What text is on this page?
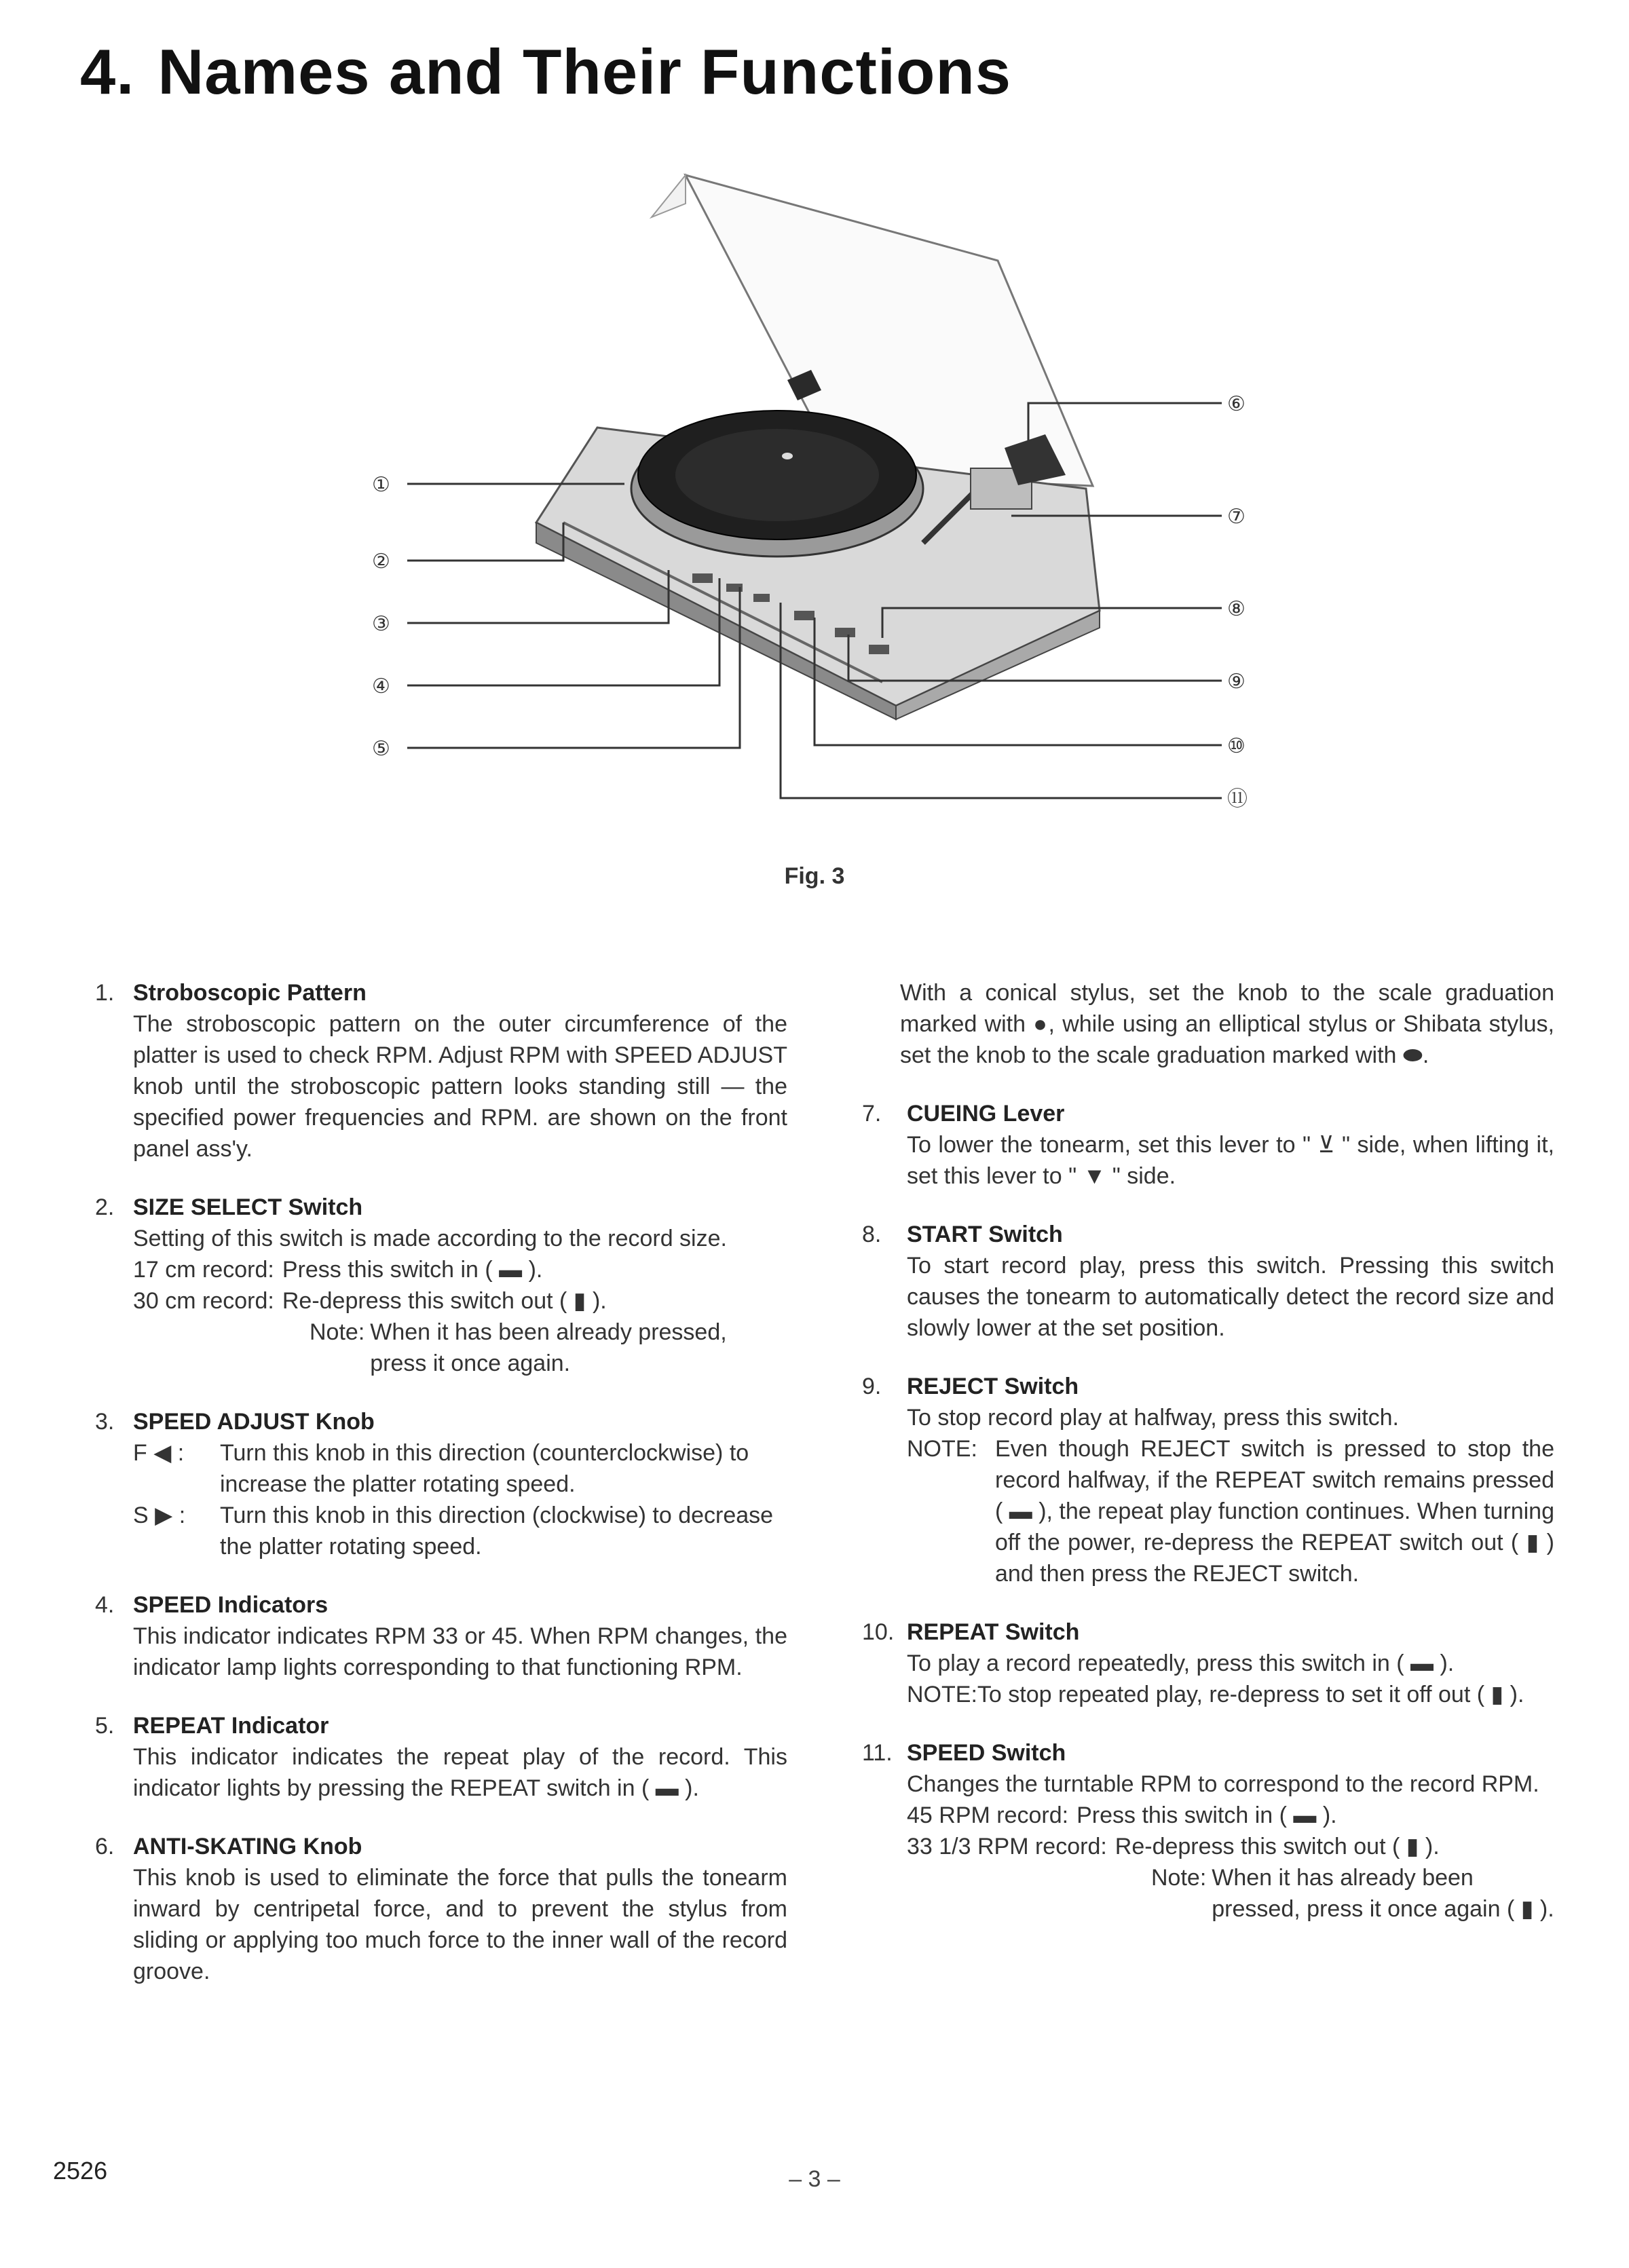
4. Names and Their Functions
①
②
③
④
⑤
⑥
⑦
⑧
⑨
⑩
⑪
Fig. 3
1. Stroboscopic Pattern

The stroboscopic pattern on the outer circumference of the platter is used to check RPM. Adjust RPM with SPEED ADJUST knob until the stroboscopic pattern looks standing still — the specified power frequencies and RPM. are shown on the front panel ass'y.

2. SIZE SELECT Switch

Setting of this switch is made according to the record size.

17 cm record: Press this switch in ( ▬ ).
30 cm record: Re-depress this switch out ( ▮ ).
Note: When it has been already pressed, press it once again.
3. SPEED ADJUST Knob
F ◀ :	Turn this knob in this direction (counterclockwise) to increase the platter rotating speed.
S ▶ :	Turn this knob in this direction (clockwise) to decrease the platter rotating speed.
4. SPEED Indicators

This indicator indicates RPM 33 or 45. When RPM changes, the indicator lamp lights corresponding to that functioning RPM.

5. REPEAT Indicator

This indicator indicates the repeat play of the record. This indicator lights by pressing the REPEAT switch in ( ▬ ).

6. ANTI-SKATING Knob

This knob is used to eliminate the force that pulls the tonearm inward by centripetal force, and to prevent the stylus from sliding or applying too much force to the inner wall of the record groove.

With a conical stylus, set the knob to the scale graduation marked with ●, while using an elliptical stylus or Shibata stylus, set the knob to the scale graduation marked with ⬬.

7. CUEING Lever

To lower the tonearm, set this lever to " ⊻ " side, when lifting it, set this lever to " ▼ " side.

8. START Switch

To start record play, press this switch. Pressing this switch causes the tonearm to automatically detect the record size and slowly lower at the set position.

9. REJECT Switch

To stop record play at halfway, press this switch.

NOTE: Even though REJECT switch is pressed to stop the record halfway, if the REPEAT switch remains pressed ( ▬ ), the repeat play function continues. When turning off the power, re-depress the REPEAT switch out ( ▮ ) and then press the REJECT switch.
10. REPEAT Switch

To play a record repeatedly, press this switch in ( ▬ ).

NOTE: To stop repeated play, re-depress to set it off out ( ▮ ).
11. SPEED Switch

Changes the turntable RPM to correspond to the record RPM.

45 RPM record: Press this switch in ( ▬ ).
33 1/3 RPM record: Re-depress this switch out ( ▮ ).
Note: When it has already been pressed, press it once again ( ▮ ).
2526	– 3 –
